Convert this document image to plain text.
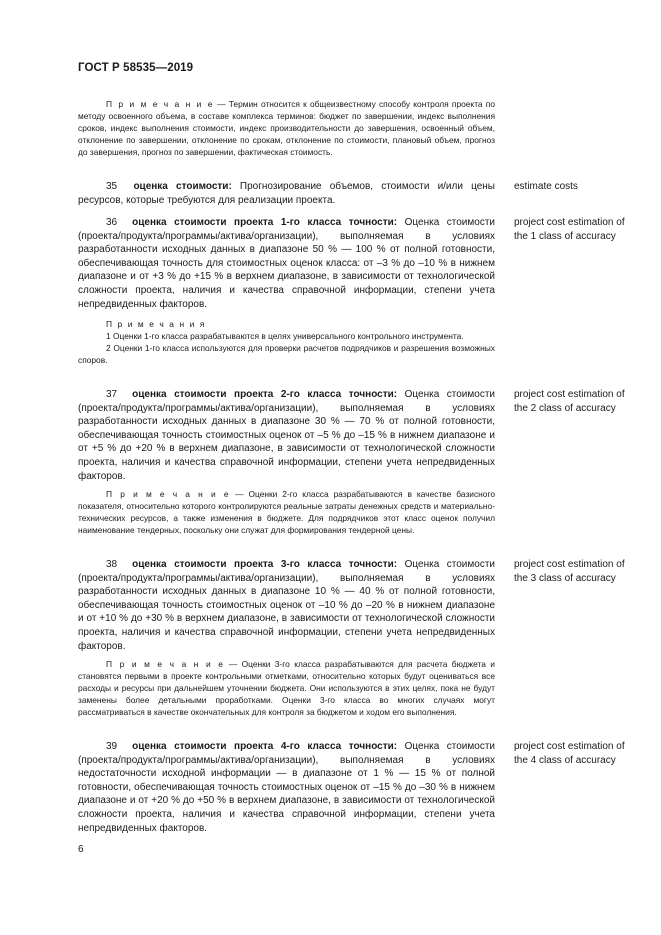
ГОСТ Р 58535—2019

П р и м е ч а н и е — Термин относится к общеизвестному способу контроля проекта по методу освоенного объема, в составе комплекса терминов: бюджет по завершении, индекс выполнения сроков, индекс выполнения стоимости, индекс производительности до завершения, освоенный объем, отклонение по завершении, отклонение по срокам, отклонение по стоимости, плановый объем, прогноз до завершения, прогноз по завершении, фактическая стоимость.

35 оценка стоимости: Прогнозирование объемов, стоимости и/или цены ресурсов, которые требуются для реализации проекта.

estimate costs

36 оценка стоимости проекта 1-го класса точности: Оценка стоимости (проекта/продукта/программы/актива/организации), выполняемая в условиях разработанности исходных данных в диапазоне 50 % — 100 % от полной готовности, обеспечивающая точность для стоимостных оценок класса: от –3 % до –10 % в нижнем диапазоне и от +3 % до +15 % в верхнем диапазоне, в зависимости от технологической сложности проекта, наличия и качества справочной информации, степени учета непредвиденных факторов.

project cost estimation of the 1 class of accuracy

П р и м е ч а н и я

1 Оценки 1-го класса разрабатываются в целях универсального контрольного инструмента.

2 Оценки 1-го класса используются для проверки расчетов подрядчиков и разрешения возможных споров.

37 оценка стоимости проекта 2-го класса точности: Оценка стоимости (проекта/продукта/программы/актива/организации), выполняемая в условиях разработанности исходных данных в диапазоне 30 % — 70 % от полной готовности, обеспечивающая точность стоимостных оценок от –5 % до –15 % в нижнем диапазоне и от +5 % до +20 % в верхнем диапазоне, в зависимости от технологической сложности проекта, наличия и качества справочной информации, степени учета непредвиденных факторов.

project cost estimation of the 2 class of accuracy

П р и м е ч а н и е — Оценки 2-го класса разрабатываются в качестве базисного показателя, относительно которого контролируются реальные затраты денежных средств и материально-технических ресурсов, а также изменения в бюджете. Для подрядчиков этот класс оценок получил наименование тендерных, поскольку они служат для формирования тендерной цены.

38 оценка стоимости проекта 3-го класса точности: Оценка стоимости (проекта/продукта/программы/актива/организации), выполняемая в условиях разработанности исходных данных в диапазоне 10 % — 40 % от полной готовности, обеспечивающая точность стоимостных оценок от –10 % до –20 % в нижнем диапазоне и от +10 % до +30 % в верхнем диапазоне, в зависимости от технологической сложности проекта, наличия и качества справочной информации, степени учета непредвиденных факторов.

project cost estimation of the 3 class of accuracy

П р и м е ч а н и е — Оценки 3-го класса разрабатываются для расчета бюджета и становятся первыми в проекте контрольными отметками, относительно которых будут оцениваться все расходы и ресурсы при дальнейшем уточнении бюджета. Они используются в этих целях, пока не будут заменены более детальными проработками. Оценки 3-го класса во многих случаях могут рассматриваться в качестве окончательных для контроля за бюджетом и ходом его выполнения.

39 оценка стоимости проекта 4-го класса точности: Оценка стоимости (проекта/продукта/программы/актива/организации), выполняемая в условиях недостаточности исходной информации — в диапазоне от 1 % — 15 % от полной готовности, обеспечивающая точность стоимостных оценок от –15 % до –30 % в нижнем диапазоне и от +20 % до +50 % в верхнем диапазоне, в зависимости от технологической сложности проекта, наличия и качества справочной информации, степени учета непредвиденных факторов.

project cost estimation of the 4 class of accuracy
6
